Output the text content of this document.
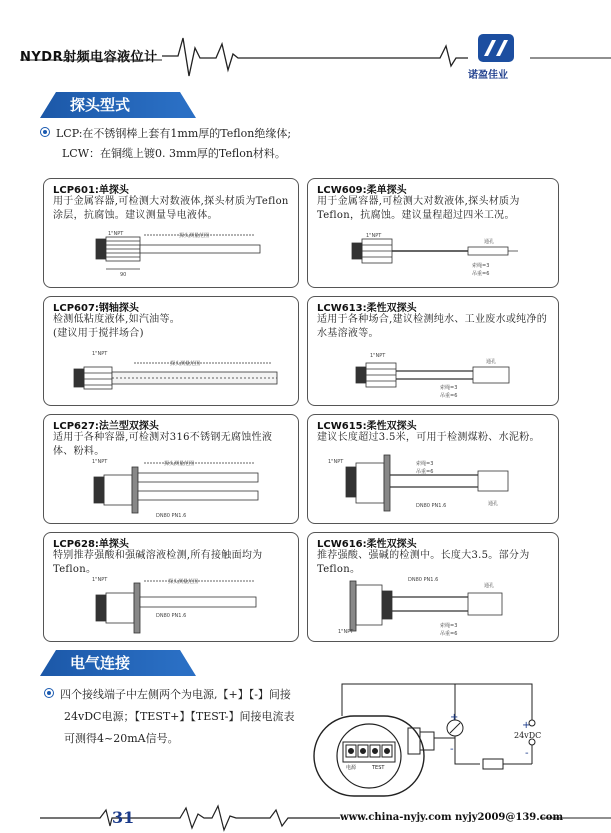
NYDR射频电容液位计
诺盈佳业
探头型式
LCP:在不锈钢棒上套有1mm厚的Teflon绝缘体;
LCW：在铜缆上镀0. 3mm厚的Teflon材料。
LCP601:单探头
用于金属容器,可检测大对数液体,探头材质为Teflon涂层，抗腐蚀。建议测量导电液体。
1"NPT	探头测量范围
90
LCW609:柔单探头
用于金属容器,可检测大对数液体,探头材质为Teflon，抗腐蚀。建议量程超过四米工况。
1"NPT
通孔
索绳=3
吊重=6
LCP607:钢轴探头
检测低粘度液体,如汽油等。
(建议用于搅拌场合)
1"NPT
探头测量范围
LCW613:柔性双探头
适用于各种场合,建议检测纯水、工业废水或纯净的水基溶液等。
1"NPT
通孔
索绳=3
吊重=6
LCP627:法兰型双探头
适用于各种容器,可检测对316不锈钢无腐蚀性液体、粉料。
1"NPT	探头测量范围
DN80 PN1.6
LCW615:柔性双探头
建议长度超过3.5米，可用于检测煤粉、水泥粉。
1"NPT
DN80 PN1.6	通孔
索绳=3
吊重=6
LCP628:单探头
特别推荐强酸和强碱溶液检测,所有接触面均为Teflon。
1"NPT	探头测量范围
DN80 PN1.6
LCW616:柔性双探头
推荐强酸、强碱的检测中。长度大3.5。部分为Teflon。
1"NPT
DN80 PN1.6
通孔
索绳=3
吊重=6
电气连接
四个接线端子中左侧两个为电源,【+】【-】间接
24vDC电源；【TEST+】【TEST-】间接电流表
可测得4~20mA信号。
+
-
+
-
24vDC
电源	TEST
31	www.china-nyjy.com nyjy2009@139.com
